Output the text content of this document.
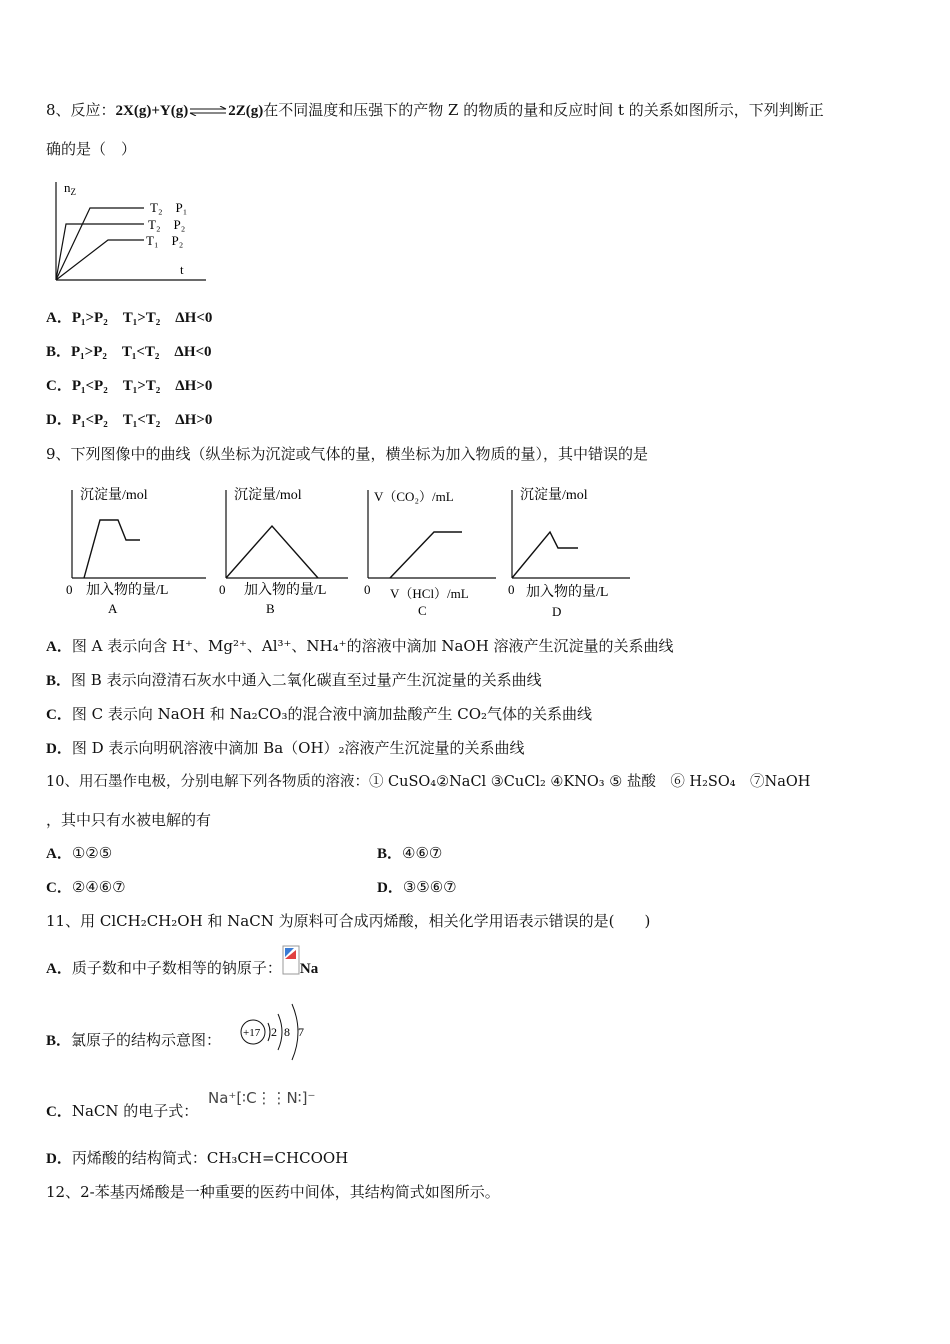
8、反应：2X(g)+Y(g)⇌2Z(g)在不同温度和压强下的产物 Z 的物质的量和反应时间 t 的关系如图所示，下列判断正
确的是（　）
$n_Z$
t
T₂　P₁
T₂　P₂
T₁　P₂
A．P₁>P₂　T₁>T₂　ΔH<0
B．P₁>P₂　T₁<T₂　ΔH<0
C．P₁<P₂　T₁>T₂　ΔH>0
D．P₁<P₂　T₁<T₂　ΔH>0
9、下列图像中的曲线（纵坐标为沉淀或气体的量，横坐标为加入物质的量），其中错误的是
沉淀量/mol
0 加入物的量/L
A
沉淀量/mol
0 加入物的量/L
B
V（CO₂）/mL
0 V（HCl）/mL
C
沉淀量/mol
0 加入物的量/L
D
A．图 A 表示向含 H⁺、Mg²⁺、Al³⁺、NH₄⁺的溶液中滴加 NaOH 溶液产生沉淀量的关系曲线
B．图 B 表示向澄清石灰水中通入二氧化碳直至过量产生沉淀量的关系曲线
C．图 C 表示向 NaOH 和 Na₂CO₃的混合液中滴加盐酸产生 CO₂气体的关系曲线
D．图 D 表示向明矾溶液中滴加 Ba（OH）₂溶液产生沉淀量的关系曲线
10、用石墨作电极，分别电解下列各物质的溶液：① CuSO₄②NaCl ③CuCl₂ ④KNO₃ ⑤ 盐酸　⑥ H₂SO₄　⑦NaOH
，其中只有水被电解的有
A．①②⑤	B．④⑥⑦
C．②④⑥⑦	D．③⑤⑥⑦
11、用 ClCH₂CH₂OH 和 NaCN 为原料可合成丙烯酸，相关化学用语表示错误的是(　　)
A．质子数和中子数相等的钠原子： Na
B．氯原子的结构示意图： +17 2 8 7
C．NaCN 的电子式：
Na⁺[∶C⋮⋮N∶]⁻
D．丙烯酸的结构简式：CH₃CH=CHCOOH
12、2-苯基丙烯酸是一种重要的医药中间体，其结构简式如图所示。
